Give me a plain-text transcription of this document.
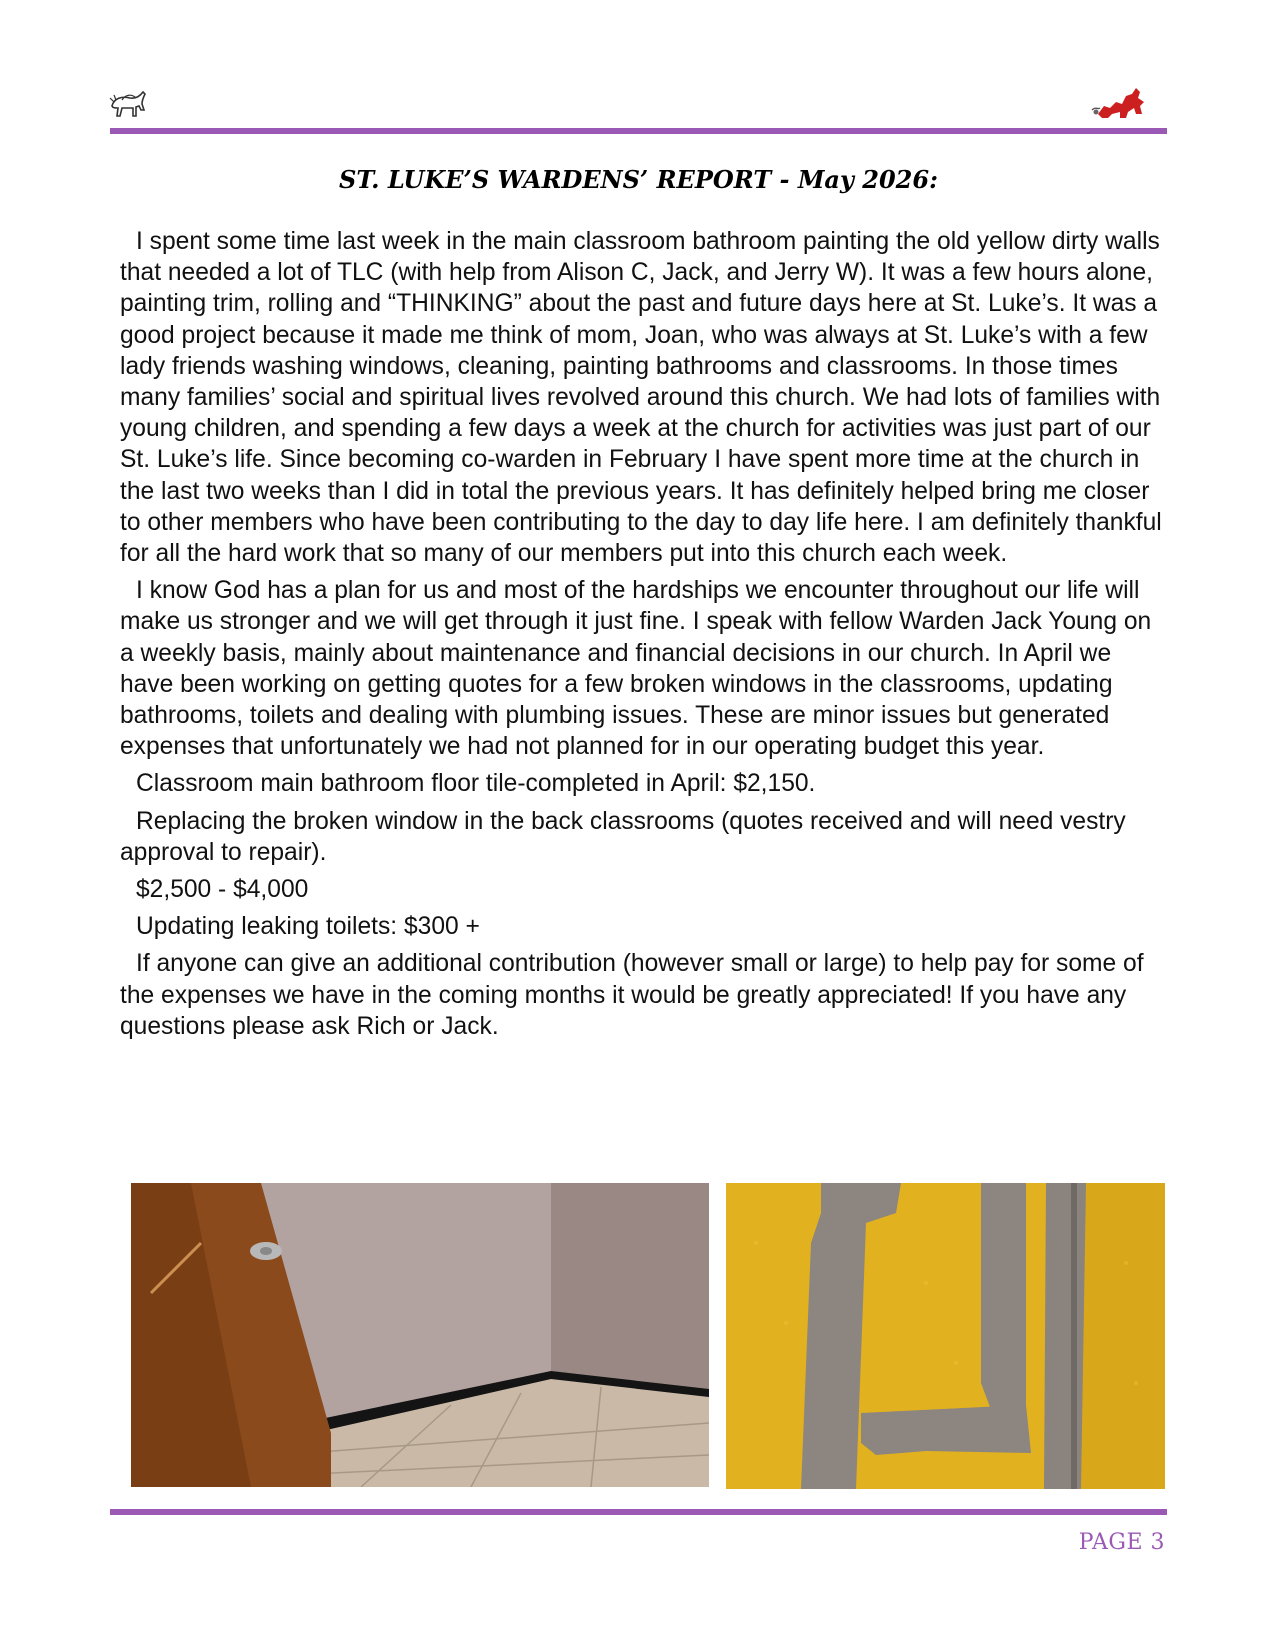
ST. LUKE’S WARDENS’ REPORT - May 2026:

I spent some time last week in the main classroom bathroom painting the old yellow dirty walls that needed a lot of TLC (with help from Alison C, Jack, and Jerry W). It was a few hours alone, painting trim, rolling and “THINKING” about the past and future days here at St. Luke’s. It was a good project because it made me think of mom, Joan, who was always at St. Luke’s with a few lady friends washing windows, cleaning, painting bathrooms and classrooms. In those times many families’ social and spiritual lives revolved around this church. We had lots of families with young children, and spending a few days a week at the church for activities was just part of our St. Luke’s life. Since becoming co-warden in February I have spent more time at the church in the last two weeks than I did in total the previous years. It has definitely helped bring me closer to other members who have been contributing to the day to day life here. I am definitely thankful for all the hard work that so many of our members put into this church each week.

I know God has a plan for us and most of the hardships we encounter throughout our life will make us stronger and we will get through it just fine. I speak with fellow Warden Jack Young on a weekly basis, mainly about maintenance and financial decisions in our church. In April we have been working on getting quotes for a few broken windows in the classrooms, updating bathrooms, toilets and dealing with plumbing issues. These are minor issues but generated expenses that unfortunately we had not planned for in our operating budget this year.

Classroom main bathroom floor tile-completed in April: $2,150.

Replacing the broken window in the back classrooms (quotes received and will need vestry approval to repair).

$2,500 - $4,000

Updating leaking toilets: $300 +

If anyone can give an additional contribution (however small or large) to help pay for some of the expenses we have in the coming months it would be greatly appreciated! If you have any questions please ask Rich or Jack.

PAGE 3
